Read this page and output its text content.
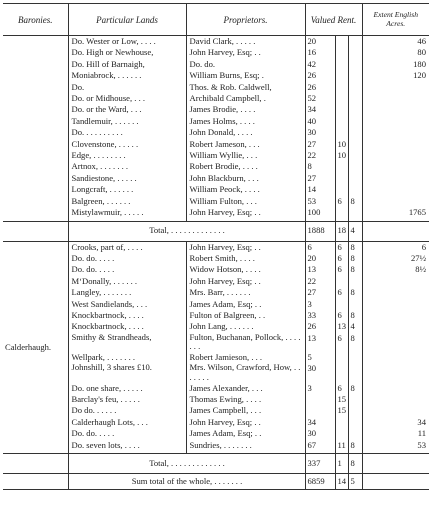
Baronies.	Particular Lands	Proprietors.	Valued Rent.			Extent English Acres.
	Do. Wester or Low, . . . .	David Clark, . . . . .	20			46
	Do. High or Newhouse,	John Harvey, Esq; . .	16			80
	Do. Hill of Barnaigh,	Do. do.	42			180
	Moniabrock, . . . . . .	William Burns, Esq; .	26			120
	Do.	Thos. & Rob. Caldwell,	26			
	Do. or Midhouse, . . .	Archibald Campbell, .	52			
	Do. or the Ward, . . .	James Brodie, . . . .	34			
	Tandlemuir, . . . . . .	James Holms, . . . .	40			
	Do. . . . . . . . . .	John Donald, . . . .	30			
	Clovenstone, . . . . .	Robert Jameson, . . .	27	10		
	Edge, . . . . . . . .	William Wyllie, . . .	22	10		
	Artnox, . . . . . . .	Robert Brodie, . . . .	8			
	Sandiestone, . . . . .	John Blackburn, . . .	27			
	Longcraft, . . . . . .	William Peock, . . . .	14			
	Balgreen, . . . . . .	William Fulton, . . .	53	6	8	
	Mistylawmuir, . . . . .	John Harvey, Esq; . .	100			1765

	Total, . . . . . . . . . . . . .		1888	18	4	
Calderhaugh.	Crooks, part of, . . . .	John Harvey, Esq; . .	6	6	8	6
	Do. do. . . . .	Robert Smith, . . . .	20	6	8	27½
	Do. do. . . . .	Widow Hotson, . . . .	13	6	8	8½
	M‘Donally, . . . . . .	John Harvey, Esq; . .	22			
	Langley, . . . . . . .	Mrs. Barr, . . . . . .	27	6	8	
	West Sandielands, . . .	James Adam, Esq; . .	3			
	Knockbartnock, . . . .	Fulton of Balgreen, . .	33	6	8	
	Knockbartnock, . . . .	John Lang, . . . . . .	26	13	4	
	Smithy & Strandheads,	Fulton, Buchanan, Pollock, . . . . . . .	13	6	8	
	Wellpark, . . . . . . .	Robert Jamieson, . . .	5			
	Johnshill, 3 shares £10.	Mrs. Wilson, Crawford, How, . . . . . . .	30			
	Do. one share, . . . . .	James Alexander, . . .	3	6	8	
	Barclay's feu, . . . . .	Thomas Ewing, . . . .		15		
	Do do. . . . . .	James Campbell, . . .		15		
	Calderhaugh Lots, . . .	John Harvey, Esq; . .	34			34
	Do. do. . . . .	James Adam, Esq; . .	30			11
	Do. seven lots, . . . .	Sundries, . . . . . . .	67	11	8	53

	Total, . . . . . . . . . . . . .		337	1	8	
	Sum total of the whole, . . . . . . .		6859	14	5	
